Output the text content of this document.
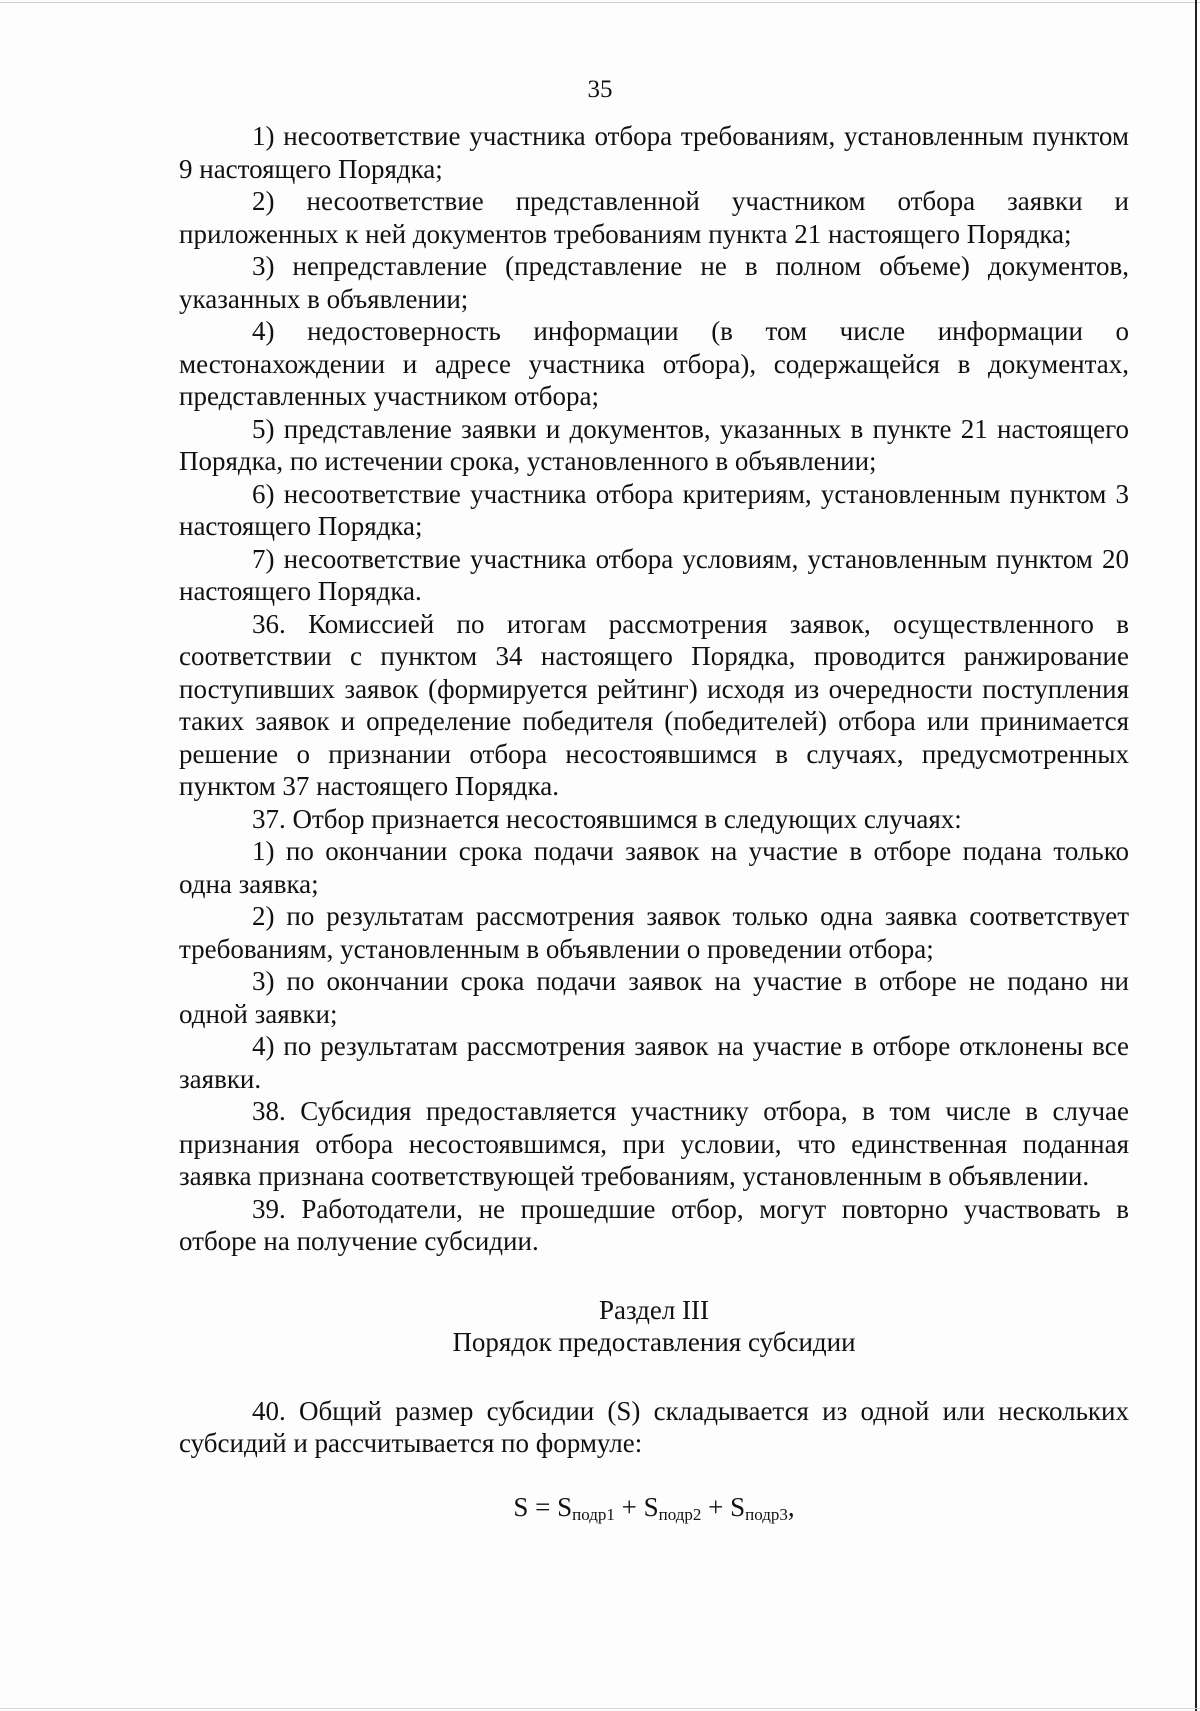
35

1) несоответствие участника отбора требованиям, установленным пунктом 9 настоящего Порядка;

2) несоответствие представленной участником отбора заявки и приложенных к ней документов требованиям пункта 21 настоящего Порядка;

3) непредставление (представление не в полном объеме) документов, указанных в объявлении;

4) недостоверность информации (в том числе информации о местонахождении и адресе участника отбора), содержащейся в документах, представленных участником отбора;

5) представление заявки и документов, указанных в пункте 21 настоящего Порядка, по истечении срока, установленного в объявлении;

6) несоответствие участника отбора критериям, установленным пунктом 3 настоящего Порядка;

7) несоответствие участника отбора условиям, установленным пунктом 20 настоящего Порядка.

36. Комиссией по итогам рассмотрения заявок, осуществленного в соответствии с пунктом 34 настоящего Порядка, проводится ранжирование поступивших заявок (формируется рейтинг) исходя из очередности поступления таких заявок и определение победителя (победителей) отбора или принимается решение о признании отбора несостоявшимся в случаях, предусмотренных пунктом 37 настоящего Порядка.

37. Отбор признается несостоявшимся в следующих случаях:

1) по окончании срока подачи заявок на участие в отборе подана только одна заявка;

2) по результатам рассмотрения заявок только одна заявка соответствует требованиям, установленным в объявлении о проведении отбора;

3) по окончании срока подачи заявок на участие в отборе не подано ни одной заявки;

4) по результатам рассмотрения заявок на участие в отборе отклонены все заявки.

38. Субсидия предоставляется участнику отбора, в том числе в случае признания отбора несостоявшимся, при условии, что единственная поданная заявка признана соответствующей требованиям, установленным в объявлении.

39. Работодатели, не прошедшие отбор, могут повторно участвовать в отборе на получение субсидии.

Раздел III

Порядок предоставления субсидии

40. Общий размер субсидии (S) складывается из одной или нескольких субсидий и рассчитывается по формуле:

$S = S_{подр1} + S_{подр2} + S_{подр3}$,
